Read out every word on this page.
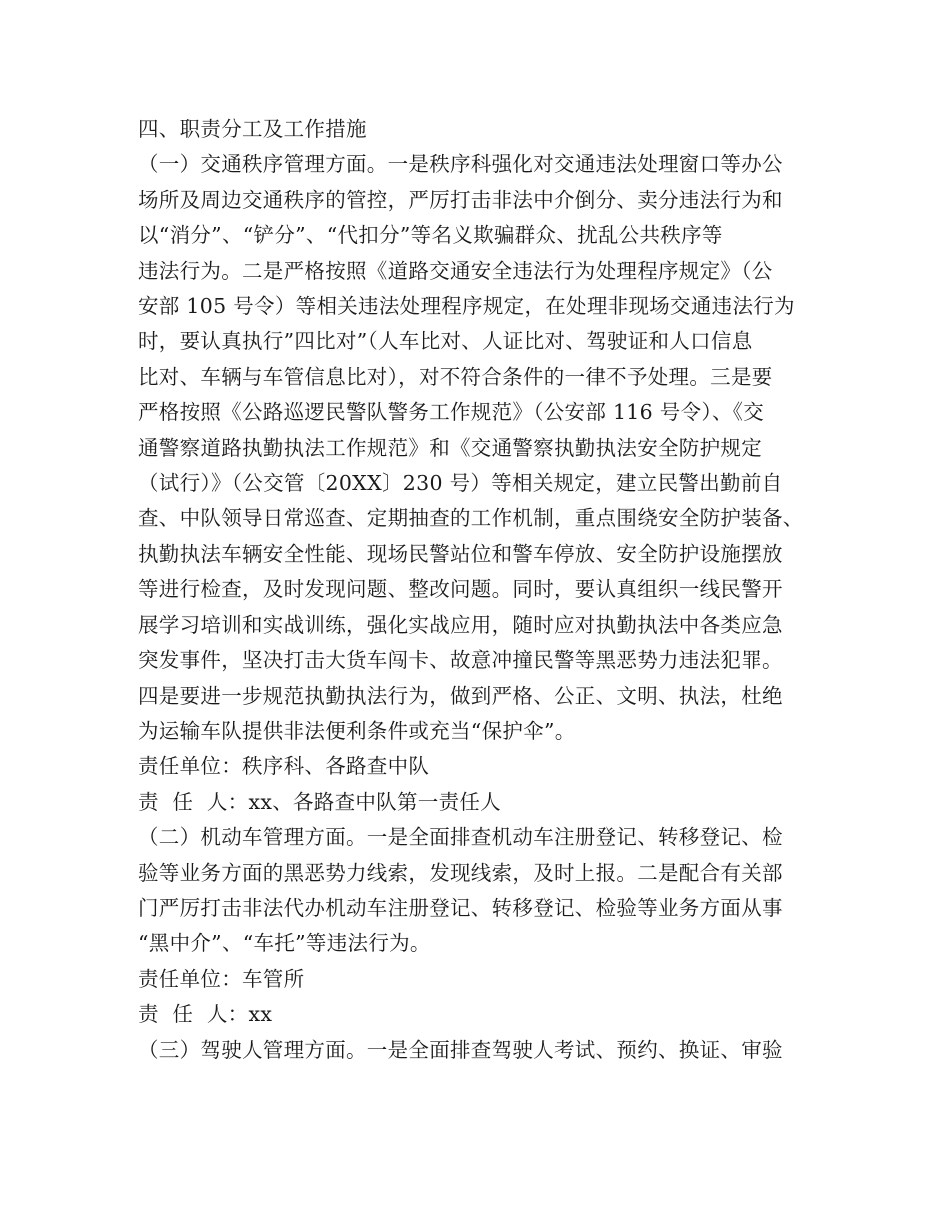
四、职责分工及工作措施
（一）交通秩序管理方面。一是秩序科强化对交通违法处理窗口等办公
场所及周边交通秩序的管控，严厉打击非法中介倒分、卖分违法行为和
以“消分”、“铲分”、“代扣分”等名义欺骗群众、扰乱公共秩序等
违法行为。二是严格按照《道路交通安全违法行为处理程序规定》（公
安部 105 号令）等相关违法处理程序规定，在处理非现场交通违法行为
时，要认真执行”四比对”（人车比对、人证比对、驾驶证和人口信息
比对、车辆与车管信息比对），对不符合条件的一律不予处理。三是要
严格按照《公路巡逻民警队警务工作规范》（公安部 116 号令）、《交
通警察道路执勤执法工作规范》和《交通警察执勤执法安全防护规定
（试行）》（公交管〔20XX〕230 号）等相关规定，建立民警出勤前自
查、中队领导日常巡查、定期抽查的工作机制，重点围绕安全防护装备、
执勤执法车辆安全性能、现场民警站位和警车停放、安全防护设施摆放
等进行检查，及时发现问题、整改问题。同时，要认真组织一线民警开
展学习培训和实战训练，强化实战应用，随时应对执勤执法中各类应急
突发事件，坚决打击大货车闯卡、故意冲撞民警等黑恶势力违法犯罪。
四是要进一步规范执勤执法行为，做到严格、公正、文明、执法，杜绝
为运输车队提供非法便利条件或充当“保护伞”。
责任单位：秩序科、各路查中队
责  任  人：xx、各路查中队第一责任人
（二）机动车管理方面。一是全面排查机动车注册登记、转移登记、检
验等业务方面的黑恶势力线索，发现线索，及时上报。二是配合有关部
门严厉打击非法代办机动车注册登记、转移登记、检验等业务方面从事
“黑中介”、“车托”等违法行为。
责任单位：车管所
责  任  人：xx
（三）驾驶人管理方面。一是全面排查驾驶人考试、预约、换证、审验
